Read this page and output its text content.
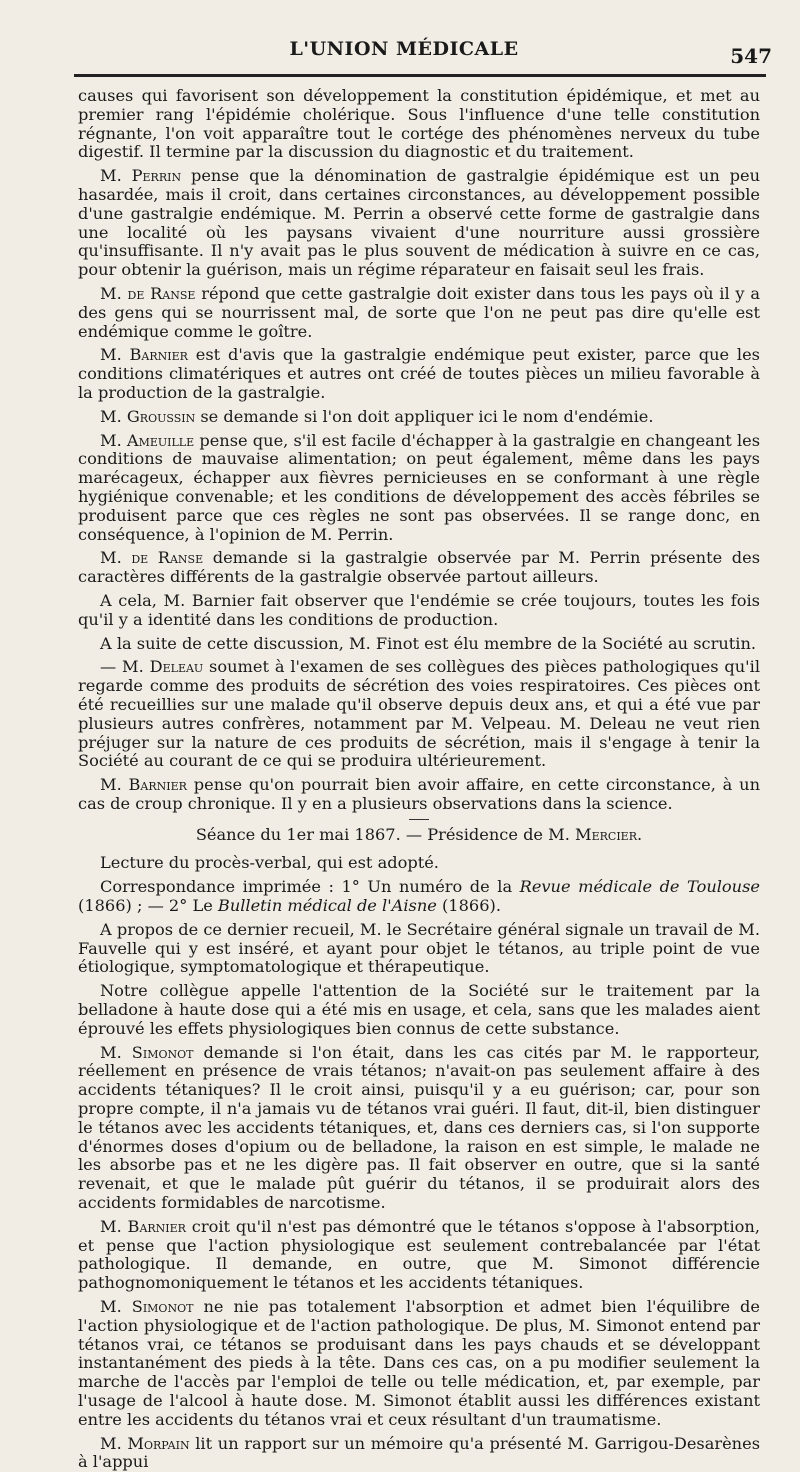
L'UNION MÉDICALE	547

causes qui favorisent son développement la constitution épidémique, et met au premier rang l'épidémie cholérique. Sous l'influence d'une telle constitution régnante, l'on voit apparaître tout le cortége des phénomènes nerveux du tube digestif. Il termine par la discussion du diagnostic et du traitement.

M. Perrin pense que la dénomination de gastralgie épidémique est un peu hasardée, mais il croit, dans certaines circonstances, au développement possible d'une gastralgie endémique. M. Perrin a observé cette forme de gastralgie dans une localité où les paysans vivaient d'une nourriture aussi grossière qu'insuffisante. Il n'y avait pas le plus souvent de médication à suivre en ce cas, pour obtenir la guérison, mais un régime réparateur en faisait seul les frais.

M. de Ranse répond que cette gastralgie doit exister dans tous les pays où il y a des gens qui se nourrissent mal, de sorte que l'on ne peut pas dire qu'elle est endémique comme le goître.

M. Barnier est d'avis que la gastralgie endémique peut exister, parce que les conditions climatériques et autres ont créé de toutes pièces un milieu favorable à la production de la gastralgie.

M. Groussin se demande si l'on doit appliquer ici le nom d'endémie.

M. Ameuille pense que, s'il est facile d'échapper à la gastralgie en changeant les conditions de mauvaise alimentation; on peut également, même dans les pays marécageux, échapper aux fièvres pernicieuses en se conformant à une règle hygiénique convenable; et les conditions de développement des accès fébriles se produisent parce que ces règles ne sont pas observées. Il se range donc, en conséquence, à l'opinion de M. Perrin.

M. de Ranse demande si la gastralgie observée par M. Perrin présente des caractères différents de la gastralgie observée partout ailleurs.

A cela, M. Barnier fait observer que l'endémie se crée toujours, toutes les fois qu'il y a identité dans les conditions de production.

A la suite de cette discussion, M. Finot est élu membre de la Société au scrutin.

— M. Deleau soumet à l'examen de ses collègues des pièces pathologiques qu'il regarde comme des produits de sécrétion des voies respiratoires. Ces pièces ont été recueillies sur une malade qu'il observe depuis deux ans, et qui a été vue par plusieurs autres confrères, notamment par M. Velpeau. M. Deleau ne veut rien préjuger sur la nature de ces produits de sécrétion, mais il s'engage à tenir la Société au courant de ce qui se produira ultérieurement.

M. Barnier pense qu'on pourrait bien avoir affaire, en cette circonstance, à un cas de croup chronique. Il y en a plusieurs observations dans la science.

Séance du 1er mai 1867. — Présidence de M. Mercier.

Lecture du procès-verbal, qui est adopté.

Correspondance imprimée : 1° Un numéro de la Revue médicale de Toulouse (1866) ; — 2° Le Bulletin médical de l'Aisne (1866).

A propos de ce dernier recueil, M. le Secrétaire général signale un travail de M. Fauvelle qui y est inséré, et ayant pour objet le tétanos, au triple point de vue étiologique, symptomatologique et thérapeutique.

Notre collègue appelle l'attention de la Société sur le traitement par la belladone à haute dose qui a été mis en usage, et cela, sans que les malades aient éprouvé les effets physiologiques bien connus de cette substance.

M. Simonot demande si l'on était, dans les cas cités par M. le rapporteur, réellement en présence de vrais tétanos; n'avait-on pas seulement affaire à des accidents tétaniques? Il le croit ainsi, puisqu'il y a eu guérison; car, pour son propre compte, il n'a jamais vu de tétanos vrai guéri. Il faut, dit-il, bien distinguer le tétanos avec les accidents tétaniques, et, dans ces derniers cas, si l'on supporte d'énormes doses d'opium ou de belladone, la raison en est simple, le malade ne les absorbe pas et ne les digère pas. Il fait observer en outre, que si la santé revenait, et que le malade pût guérir du tétanos, il se produirait alors des accidents formidables de narcotisme.

M. Barnier croit qu'il n'est pas démontré que le tétanos s'oppose à l'absorption, et pense que l'action physiologique est seulement contrebalancée par l'état pathologique. Il demande, en outre, que M. Simonot différencie pathognomoniquement le tétanos et les accidents tétaniques.

M. Simonot ne nie pas totalement l'absorption et admet bien l'équilibre de l'action physiologique et de l'action pathologique. De plus, M. Simonot entend par tétanos vrai, ce tétanos se produisant dans les pays chauds et se développant instantanément des pieds à la tête. Dans ces cas, on a pu modifier seulement la marche de l'accès par l'emploi de telle ou telle médication, et, par exemple, par l'usage de l'alcool à haute dose. M. Simonot établit aussi les différences existant entre les accidents du tétanos vrai et ceux résultant d'un traumatisme.

M. Morpain lit un rapport sur un mémoire qu'a présenté M. Garrigou-Desarènes à l'appui
